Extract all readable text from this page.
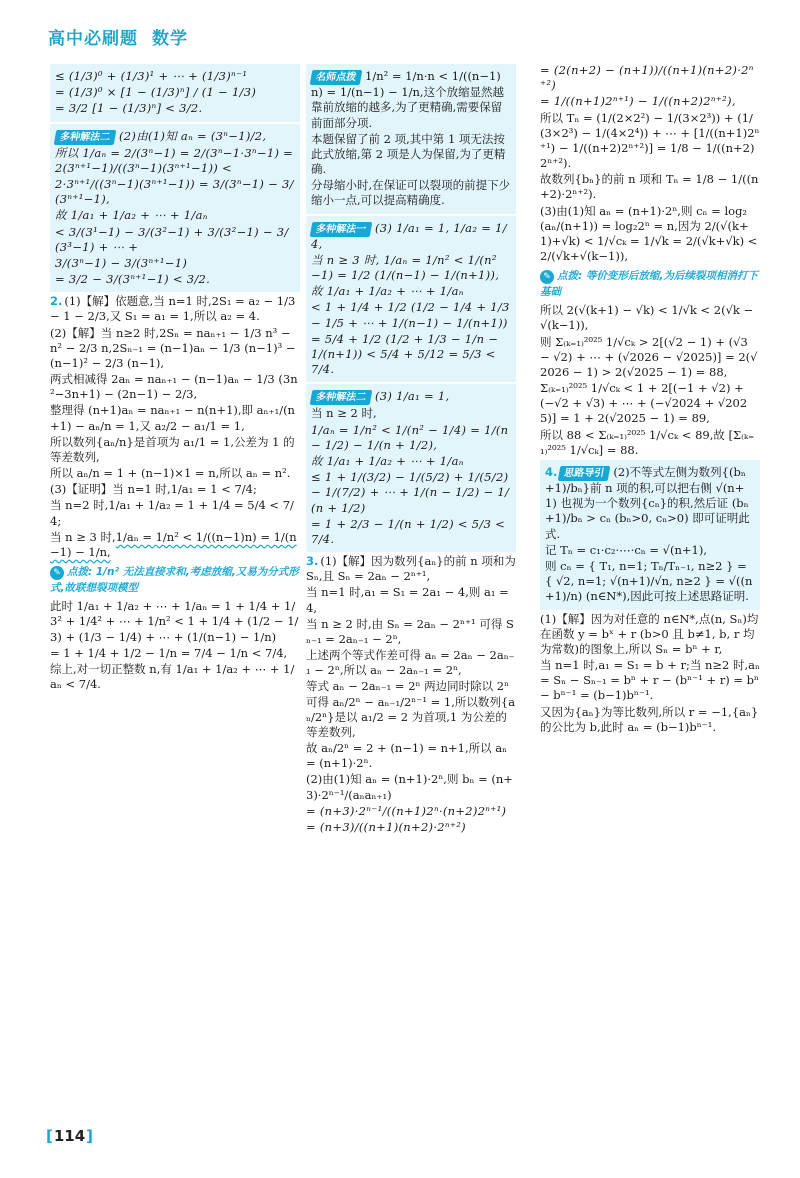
高中必刷题 数学
≤ (1/3)⁰ + (1/3)¹ + ⋯ + (1/3)ⁿ⁻¹
= (1/3)⁰ × [1 − (1/3)ⁿ] / (1 − 1/3)
= 3/2 [1 − (1/3)ⁿ] < 3/2.
多种解法二 (2)由(1)知 aₙ = (3ⁿ−1)/2,
所以 1/aₙ = 2/(3ⁿ−1) = 2/(3ⁿ−1·3ⁿ−1) = 2(3ⁿ⁺¹−1)/((3ⁿ−1)(3ⁿ⁺¹−1)) <
2·3ⁿ⁺¹/((3ⁿ−1)(3ⁿ⁺¹−1)) = 3/(3ⁿ−1) − 3/(3ⁿ⁺¹−1),
故 1/a₁ + 1/a₂ + ⋯ + 1/aₙ
< 3/(3¹−1) − 3/(3²−1) + 3/(3²−1) − 3/(3³−1) + ⋯ +
3/(3ⁿ−1) − 3/(3ⁿ⁺¹−1)
= 3/2 − 3/(3ⁿ⁺¹−1) < 3/2.
2. (1)【解】依题意,当 n=1 时,2S₁ = a₂ − 1/3 − 1 − 2/3,又 S₁ = a₁ = 1,所以 a₂ = 4.
(2)【解】当 n≥2 时,2Sₙ = naₙ₊₁ − 1/3 n³ − n² − 2/3 n,2Sₙ₋₁ = (n−1)aₙ − 1/3 (n−1)³ − (n−1)² − 2/3 (n−1),
两式相减得 2aₙ = naₙ₊₁ − (n−1)aₙ − 1/3 (3n²−3n+1) − (2n−1) − 2/3,
整理得 (n+1)aₙ = naₙ₊₁ − n(n+1),即 aₙ₊₁/(n+1) − aₙ/n = 1,又 a₂/2 − a₁/1 = 1,
所以数列{aₙ/n}是首项为 a₁/1 = 1,公差为 1 的等差数列,
所以 aₙ/n = 1 + (n−1)×1 = n,所以 aₙ = n².
(3)【证明】当 n=1 时,1/a₁ = 1 < 7/4;
当 n=2 时,1/a₁ + 1/a₂ = 1 + 1/4 = 5/4 < 7/4;
当 n ≥ 3 时,1/aₙ = 1/n² < 1/((n−1)n) = 1/(n−1) − 1/n,
✎ 点拨: 1/n² 无法直接求和,考虑放缩,又易为分式形式,故联想裂项模型
此时 1/a₁ + 1/a₂ + ⋯ + 1/aₙ = 1 + 1/4 + 1/3² + 1/4² + ⋯ + 1/n² < 1 + 1/4 + (1/2 − 1/3) + (1/3 − 1/4) + ⋯ + (1/(n−1) − 1/n)
= 1 + 1/4 + 1/2 − 1/n = 7/4 − 1/n < 7/4,
综上,对一切正整数 n,有 1/a₁ + 1/a₂ + ⋯ + 1/aₙ < 7/4.
名师点拨 1/n² = 1/n·n < 1/((n−1)n) = 1/(n−1) − 1/n,这个放缩显然越靠前放缩的越多,为了更精确,需要保留前面部分项.
本题保留了前 2 项,其中第 1 项无法按此式放缩,第 2 项是人为保留,为了更精确.
分母缩小时,在保证可以裂项的前提下少缩小一点,可以提高精确度.
多种解法一 (3) 1/a₁ = 1, 1/a₂ = 1/4,
当 n ≥ 3 时, 1/aₙ = 1/n² < 1/(n²−1) = 1/2 (1/(n−1) − 1/(n+1)),
故 1/a₁ + 1/a₂ + ⋯ + 1/aₙ
< 1 + 1/4 + 1/2 (1/2 − 1/4 + 1/3 − 1/5 + ⋯ + 1/(n−1) − 1/(n+1))
= 5/4 + 1/2 (1/2 + 1/3 − 1/n − 1/(n+1)) < 5/4 + 5/12 = 5/3 < 7/4.
多种解法二 (3) 1/a₁ = 1,
当 n ≥ 2 时,
1/aₙ = 1/n² < 1/(n² − 1/4) = 1/(n − 1/2) − 1/(n + 1/2),
故 1/a₁ + 1/a₂ + ⋯ + 1/aₙ
≤ 1 + 1/(3/2) − 1/(5/2) + 1/(5/2) − 1/(7/2) + ⋯ + 1/(n − 1/2) − 1/(n + 1/2)
= 1 + 2/3 − 1/(n + 1/2) < 5/3 < 7/4.
3. (1)【解】因为数列{aₙ}的前 n 项和为 Sₙ,且 Sₙ = 2aₙ − 2ⁿ⁺¹,
当 n=1 时,a₁ = S₁ = 2a₁ − 4,则 a₁ = 4,
当 n ≥ 2 时,由 Sₙ = 2aₙ − 2ⁿ⁺¹ 可得 Sₙ₋₁ = 2aₙ₋₁ − 2ⁿ,
上述两个等式作差可得 aₙ = 2aₙ − 2aₙ₋₁ − 2ⁿ,所以 aₙ − 2aₙ₋₁ = 2ⁿ,
等式 aₙ − 2aₙ₋₁ = 2ⁿ 两边同时除以 2ⁿ 可得 aₙ/2ⁿ − aₙ₋₁/2ⁿ⁻¹ = 1,所以数列{aₙ/2ⁿ}是以 a₁/2 = 2 为首项,1 为公差的等差数列,
故 aₙ/2ⁿ = 2 + (n−1) = n+1,所以 aₙ = (n+1)·2ⁿ.
(2)由(1)知 aₙ = (n+1)·2ⁿ,则 bₙ = (n+3)·2ⁿ⁻¹/(aₙaₙ₊₁)
= (n+3)·2ⁿ⁻¹/((n+1)2ⁿ·(n+2)2ⁿ⁺¹)
= (n+3)/((n+1)(n+2)·2ⁿ⁺²)
= (2(n+2) − (n+1))/((n+1)(n+2)·2ⁿ⁺²)
= 1/((n+1)2ⁿ⁺¹) − 1/((n+2)2ⁿ⁺²),
所以 Tₙ = (1/(2×2²) − 1/(3×2³)) + (1/(3×2³) − 1/(4×2⁴)) + ⋯ + [1/((n+1)2ⁿ⁺¹) − 1/((n+2)2ⁿ⁺²)] = 1/8 − 1/((n+2)2ⁿ⁺²).
故数列{bₙ}的前 n 项和 Tₙ = 1/8 − 1/((n+2)·2ⁿ⁺²).
(3)由(1)知 aₙ = (n+1)·2ⁿ,则 cₙ = log₂ (aₙ/(n+1)) = log₂2ⁿ = n,因为 2/(√(k+1)+√k) < 1/√cₖ = 1/√k = 2/(√k+√k) < 2/(√k+√(k−1)),
✎ 点拨: 等价变形后放缩,为后续裂项相消打下基础
所以 2(√(k+1) − √k) < 1/√k < 2(√k − √(k−1)),
则 Σ₍ₖ₌₁₎²⁰²⁵ 1/√cₖ > 2[(√2 − 1) + (√3 − √2) + ⋯ + (√2026 − √2025)] = 2(√2026 − 1) > 2(√2025 − 1) = 88,
Σ₍ₖ₌₁₎²⁰²⁵ 1/√cₖ < 1 + 2[(−1 + √2) + (−√2 + √3) + ⋯ + (−√2024 + √2025)] = 1 + 2(√2025 − 1) = 89,
所以 88 < Σ₍ₖ₌₁₎²⁰²⁵ 1/√cₖ < 89,故 [Σ₍ₖ₌₁₎²⁰²⁵ 1/√cₖ] = 88.
4. 思路导引 (2)不等式左侧为数列{(bₙ+1)/bₙ}前 n 项的积,可以把右侧 √(n+1) 也视为一个数列{cₙ}的积,然后证 (bₙ+1)/bₙ > cₙ (bₙ>0, cₙ>0) 即可证明此式.
记 Tₙ = c₁·c₂·⋯·cₙ = √(n+1),
则 cₙ = { T₁, n=1; Tₙ/Tₙ₋₁, n≥2 } = { √2, n=1; √(n+1)/√n, n≥2 } = √((n+1)/n) (n∈N*),因此可按上述思路证明.
(1)【解】因为对任意的 n∈N*,点(n, Sₙ)均在函数 y = bˣ + r (b>0 且 b≠1, b, r 均为常数)的图象上,所以 Sₙ = bⁿ + r,
当 n=1 时,a₁ = S₁ = b + r;当 n≥2 时,aₙ = Sₙ − Sₙ₋₁ = bⁿ + r − (bⁿ⁻¹ + r) = bⁿ − bⁿ⁻¹ = (b−1)bⁿ⁻¹.
又因为{aₙ}为等比数列,所以 r = −1,{aₙ}的公比为 b,此时 aₙ = (b−1)bⁿ⁻¹.
[ 114 ]
